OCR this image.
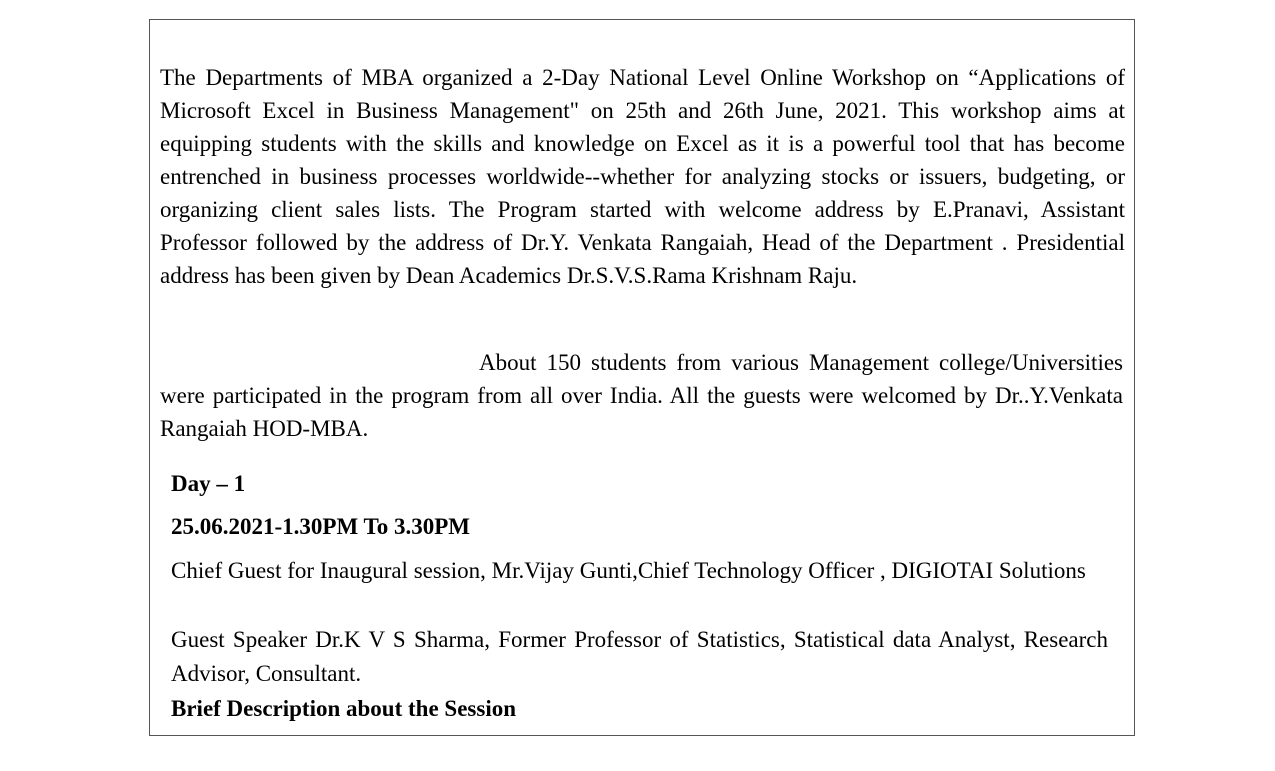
The Departments of MBA organized a 2-Day National Level Online Workshop on “Applications of Microsoft Excel in Business Management" on 25th and 26th June, 2021. This workshop aims at equipping students with the skills and knowledge on Excel as it is a powerful tool that has become entrenched in business processes worldwide--whether for analyzing stocks or issuers, budgeting, or organizing client sales lists. The Program started with welcome address by E.Pranavi, Assistant Professor followed by the address of Dr.Y. Venkata Rangaiah, Head of the Department . Presidential address has been given by Dean Academics Dr.S.V.S.Rama Krishnam Raju.

About 150 students from various Management college/Universities were participated in the program from all over India. All the guests were welcomed by Dr..Y.Venkata Rangaiah HOD-MBA.

Day – 1
25.06.2021-1.30PM To 3.30PM

Chief Guest for Inaugural session, Mr.Vijay Gunti,Chief Technology Officer , DIGIOTAI Solutions

Guest Speaker Dr.K V S Sharma, Former Professor of Statistics, Statistical data Analyst, Research Advisor, Consultant.

Brief Description about the Session
